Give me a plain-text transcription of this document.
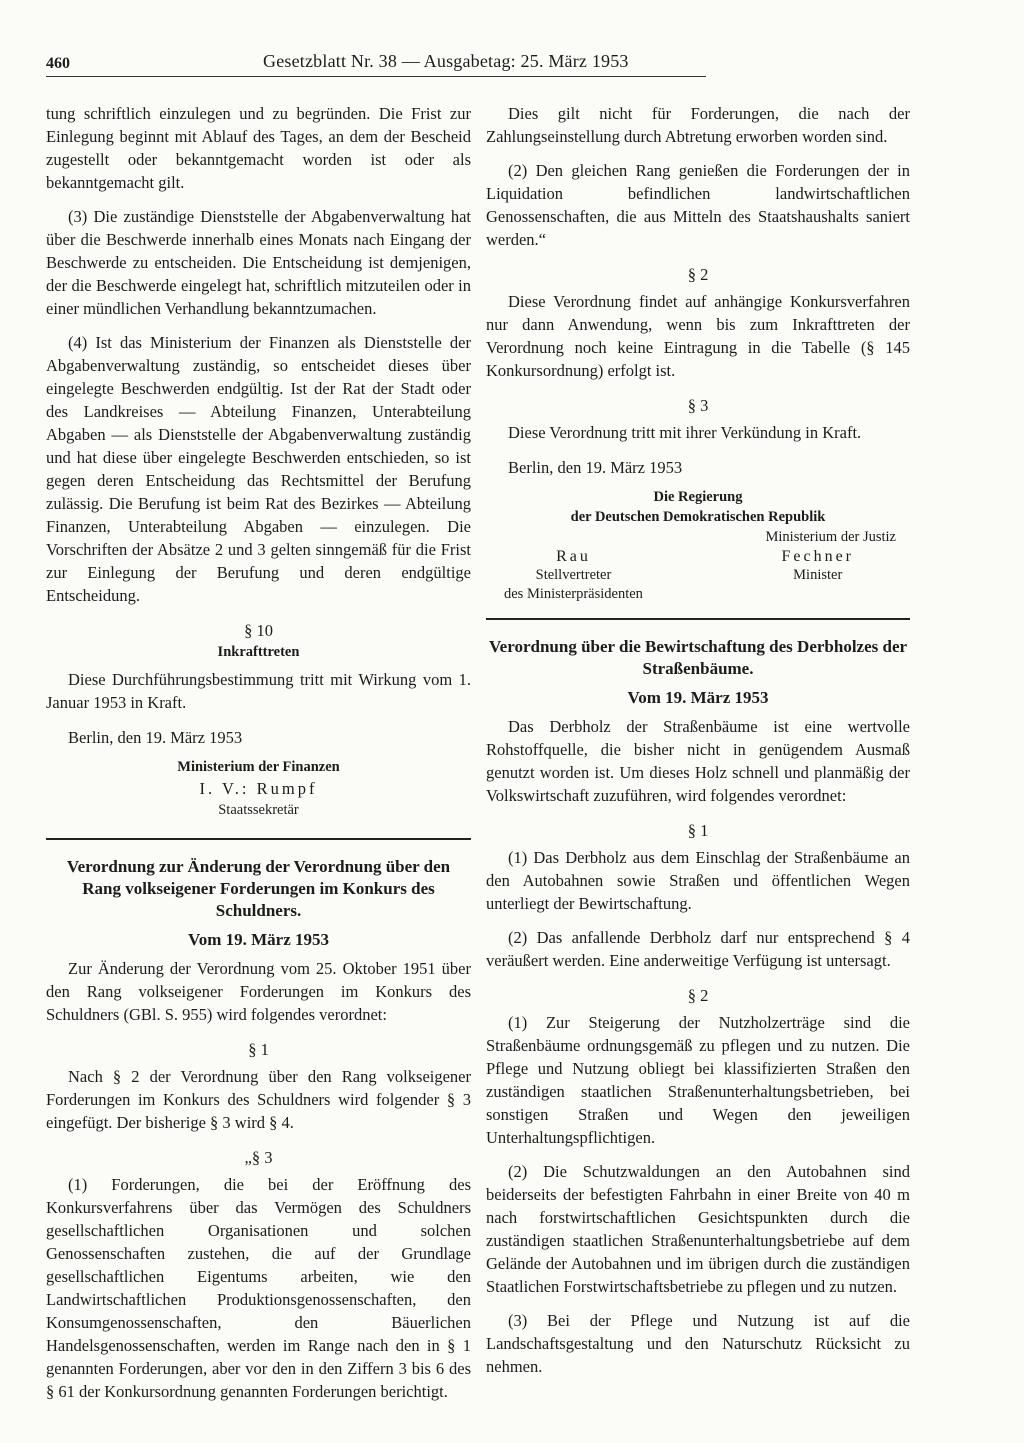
460	Gesetzblatt Nr. 38 — Ausgabetag: 25. März 1953

tung schriftlich einzulegen und zu begründen. Die Frist zur Einlegung beginnt mit Ablauf des Tages, an dem der Bescheid zugestellt oder bekanntgemacht worden ist oder als bekanntgemacht gilt.

(3) Die zuständige Dienststelle der Abgabenverwaltung hat über die Beschwerde innerhalb eines Monats nach Eingang der Beschwerde zu entscheiden. Die Entscheidung ist demjenigen, der die Beschwerde eingelegt hat, schriftlich mitzuteilen oder in einer mündlichen Verhandlung bekanntzumachen.

(4) Ist das Ministerium der Finanzen als Dienststelle der Abgabenverwaltung zuständig, so entscheidet dieses über eingelegte Beschwerden endgültig. Ist der Rat der Stadt oder des Landkreises — Abteilung Finanzen, Unterabteilung Abgaben — als Dienststelle der Abgabenverwaltung zuständig und hat diese über eingelegte Beschwerden entschieden, so ist gegen deren Entscheidung das Rechtsmittel der Berufung zulässig. Die Berufung ist beim Rat des Bezirkes — Abteilung Finanzen, Unterabteilung Abgaben — einzulegen. Die Vorschriften der Absätze 2 und 3 gelten sinngemäß für die Frist zur Einlegung der Berufung und deren endgültige Entscheidung.

§ 10
Inkrafttreten

Diese Durchführungsbestimmung tritt mit Wirkung vom 1. Januar 1953 in Kraft.

Berlin, den 19. März 1953

Ministerium der Finanzen
I. V.: Rumpf
Staatssekretär
Verordnung zur Änderung der Verordnung über den Rang volkseigener Forderungen im Konkurs des Schuldners.
Vom 19. März 1953

Zur Änderung der Verordnung vom 25. Oktober 1951 über den Rang volkseigener Forderungen im Konkurs des Schuldners (GBl. S. 955) wird folgendes verordnet:

§ 1

Nach § 2 der Verordnung über den Rang volkseigener Forderungen im Konkurs des Schuldners wird folgender § 3 eingefügt. Der bisherige § 3 wird § 4.

„§ 3

(1) Forderungen, die bei der Eröffnung des Konkursverfahrens über das Vermögen des Schuldners gesellschaftlichen Organisationen und solchen Genossenschaften zustehen, die auf der Grundlage gesellschaftlichen Eigentums arbeiten, wie den Landwirtschaftlichen Produktionsgenossenschaften, den Konsumgenossenschaften, den Bäuerlichen Handelsgenossenschaften, werden im Range nach den in § 1 genannten Forderungen, aber vor den in den Ziffern 3 bis 6 des § 61 der Konkursordnung genannten Forderungen berichtigt.

Dies gilt nicht für Forderungen, die nach der Zahlungseinstellung durch Abtretung erworben worden sind.

(2) Den gleichen Rang genießen die Forderungen der in Liquidation befindlichen landwirtschaftlichen Genossenschaften, die aus Mitteln des Staatshaushalts saniert werden.“

§ 2

Diese Verordnung findet auf anhängige Konkursverfahren nur dann Anwendung, wenn bis zum Inkrafttreten der Verordnung noch keine Eintragung in die Tabelle (§ 145 Konkursordnung) erfolgt ist.

§ 3

Diese Verordnung tritt mit ihrer Verkündung in Kraft.

Berlin, den 19. März 1953

Die Regierung
der Deutschen Demokratischen Republik
Ministerium der Justiz
Rau
Stellvertreter
des Ministerpräsidenten
Fechner
Minister
Verordnung über die Bewirtschaftung des Derbholzes der Straßenbäume.
Vom 19. März 1953

Das Derbholz der Straßenbäume ist eine wertvolle Rohstoffquelle, die bisher nicht in genügendem Ausmaß genutzt worden ist. Um dieses Holz schnell und planmäßig der Volkswirtschaft zuzuführen, wird folgendes verordnet:

§ 1

(1) Das Derbholz aus dem Einschlag der Straßenbäume an den Autobahnen sowie Straßen und öffentlichen Wegen unterliegt der Bewirtschaftung.

(2) Das anfallende Derbholz darf nur entsprechend § 4 veräußert werden. Eine anderweitige Verfügung ist untersagt.

§ 2

(1) Zur Steigerung der Nutzholzerträge sind die Straßenbäume ordnungsgemäß zu pflegen und zu nutzen. Die Pflege und Nutzung obliegt bei klassifizierten Straßen den zuständigen staatlichen Straßenunterhaltungsbetrieben, bei sonstigen Straßen und Wegen den jeweiligen Unterhaltungspflichtigen.

(2) Die Schutzwaldungen an den Autobahnen sind beiderseits der befestigten Fahrbahn in einer Breite von 40 m nach forstwirtschaftlichen Gesichtspunkten durch die zuständigen staatlichen Straßenunterhaltungsbetriebe auf dem Gelände der Autobahnen und im übrigen durch die zuständigen Staatlichen Forstwirtschaftsbetriebe zu pflegen und zu nutzen.

(3) Bei der Pflege und Nutzung ist auf die Landschaftsgestaltung und den Naturschutz Rücksicht zu nehmen.
